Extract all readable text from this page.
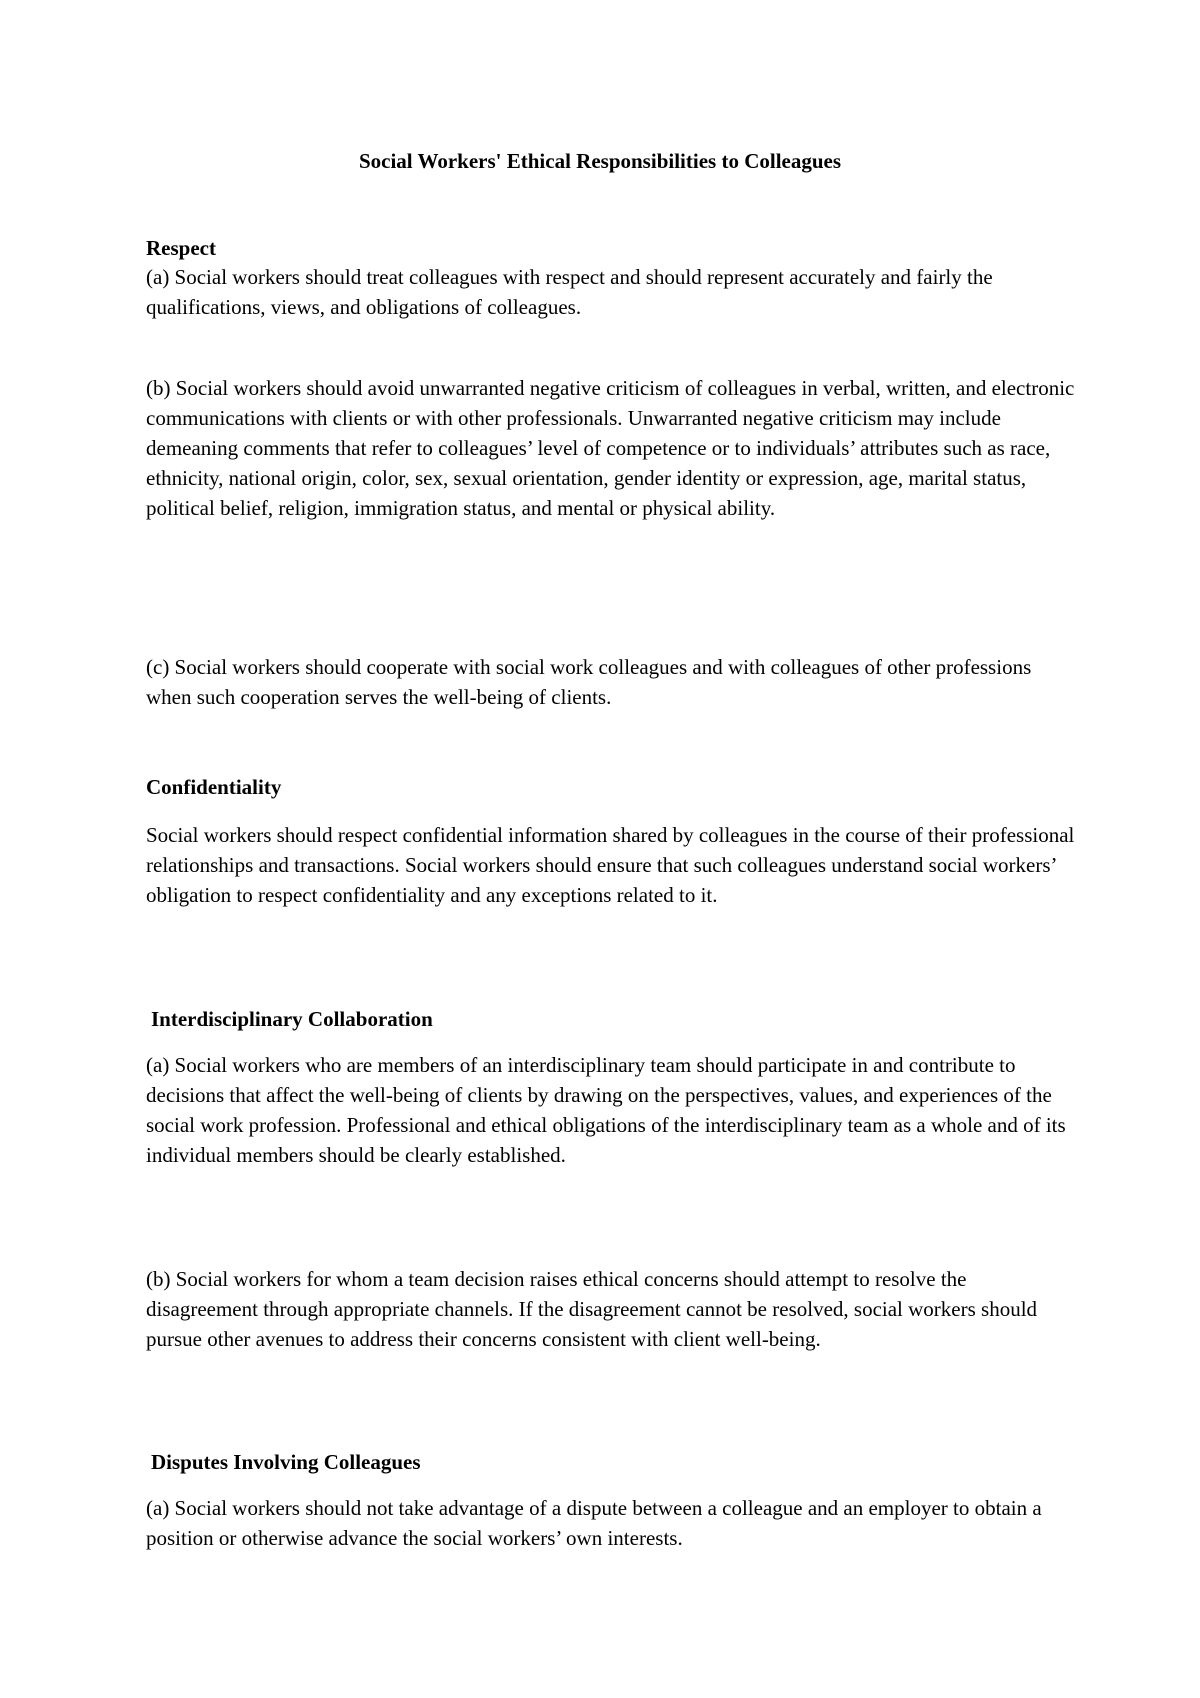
Social Workers' Ethical Responsibilities to Colleagues
Respect

(a) Social workers should treat colleagues with respect and should represent accurately and fairly the qualifications, views, and obligations of colleagues.

(b) Social workers should avoid unwarranted negative criticism of colleagues in verbal, written, and electronic communications with clients or with other professionals. Unwarranted negative criticism may include demeaning comments that refer to colleagues’ level of competence or to individuals’ attributes such as race, ethnicity, national origin, color, sex, sexual orientation, gender identity or expression, age, marital status, political belief, religion, immigration status, and mental or physical ability.

(c) Social workers should cooperate with social work colleagues and with colleagues of other professions when such cooperation serves the well-being of clients.

Confidentiality

Social workers should respect confidential information shared by colleagues in the course of their professional relationships and transactions. Social workers should ensure that such colleagues understand social workers’ obligation to respect confidentiality and any exceptions related to it.

Interdisciplinary Collaboration

(a) Social workers who are members of an interdisciplinary team should participate in and contribute to decisions that affect the well-being of clients by drawing on the perspectives, values, and experiences of the social work profession. Professional and ethical obligations of the interdisciplinary team as a whole and of its individual members should be clearly established.

(b) Social workers for whom a team decision raises ethical concerns should attempt to resolve the disagreement through appropriate channels. If the disagreement cannot be resolved, social workers should pursue other avenues to address their concerns consistent with client well-being.

Disputes Involving Colleagues

(a) Social workers should not take advantage of a dispute between a colleague and an employer to obtain a position or otherwise advance the social workers’ own interests.
